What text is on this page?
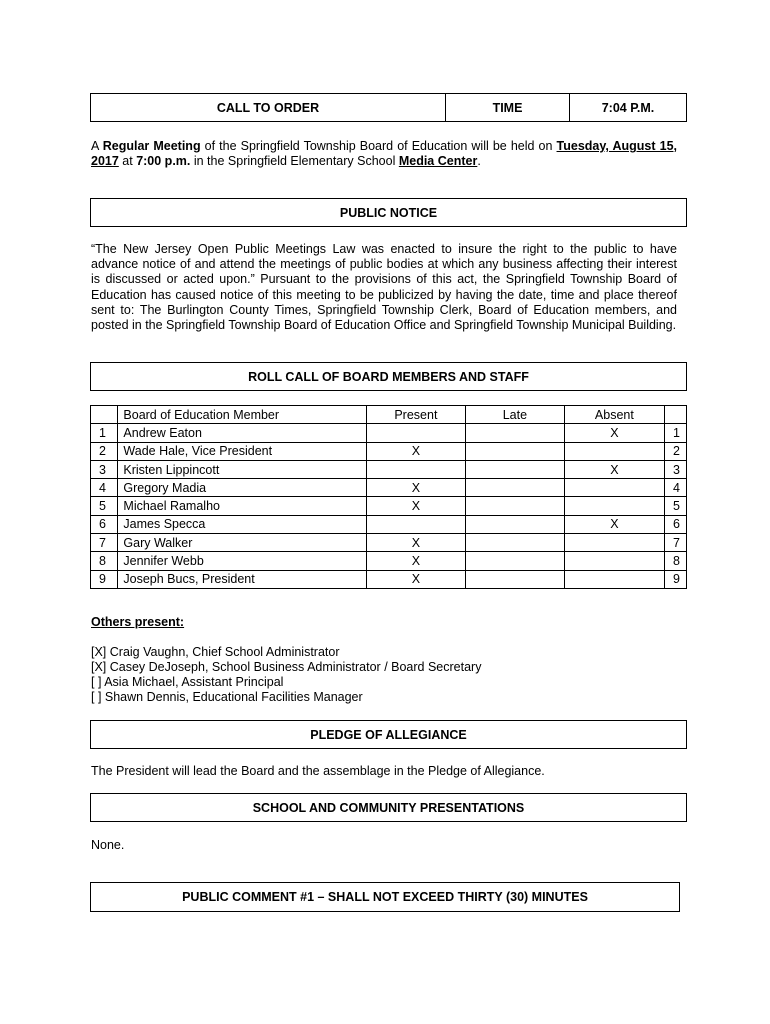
CALL TO ORDER	TIME	7:04 P.M.
A Regular Meeting of the Springfield Township Board of Education will be held on Tuesday, August 15, 2017 at 7:00 p.m. in the Springfield Elementary School Media Center.
PUBLIC NOTICE
“The New Jersey Open Public Meetings Law was enacted to insure the right to the public to have advance notice of and attend the meetings of public bodies at which any business affecting their interest is discussed or acted upon.” Pursuant to the provisions of this act, the Springfield Township Board of Education has caused notice of this meeting to be publicized by having the date, time and place thereof sent to: The Burlington County Times, Springfield Township Clerk, Board of Education members, and posted in the Springfield Township Board of Education Office and Springfield Township Municipal Building.
ROLL CALL OF BOARD MEMBERS AND STAFF
	Board of Education Member	Present	Late	Absent	
1	Andrew Eaton			X	1
2	Wade Hale, Vice President	X			2
3	Kristen Lippincott			X	3
4	Gregory Madia	X			4
5	Michael Ramalho	X			5
6	James Specca			X	6
7	Gary Walker	X			7
8	Jennifer Webb	X			8
9	Joseph Bucs, President	X			9
Others present:
[X] Craig Vaughn, Chief School Administrator
[X] Casey DeJoseph, School Business Administrator / Board Secretary
[ ] Asia Michael, Assistant Principal
[ ] Shawn Dennis, Educational Facilities Manager
PLEDGE OF ALLEGIANCE
The President will lead the Board and the assemblage in the Pledge of Allegiance.
SCHOOL AND COMMUNITY PRESENTATIONS
None.
PUBLIC COMMENT #1 – SHALL NOT EXCEED THIRTY (30) MINUTES
